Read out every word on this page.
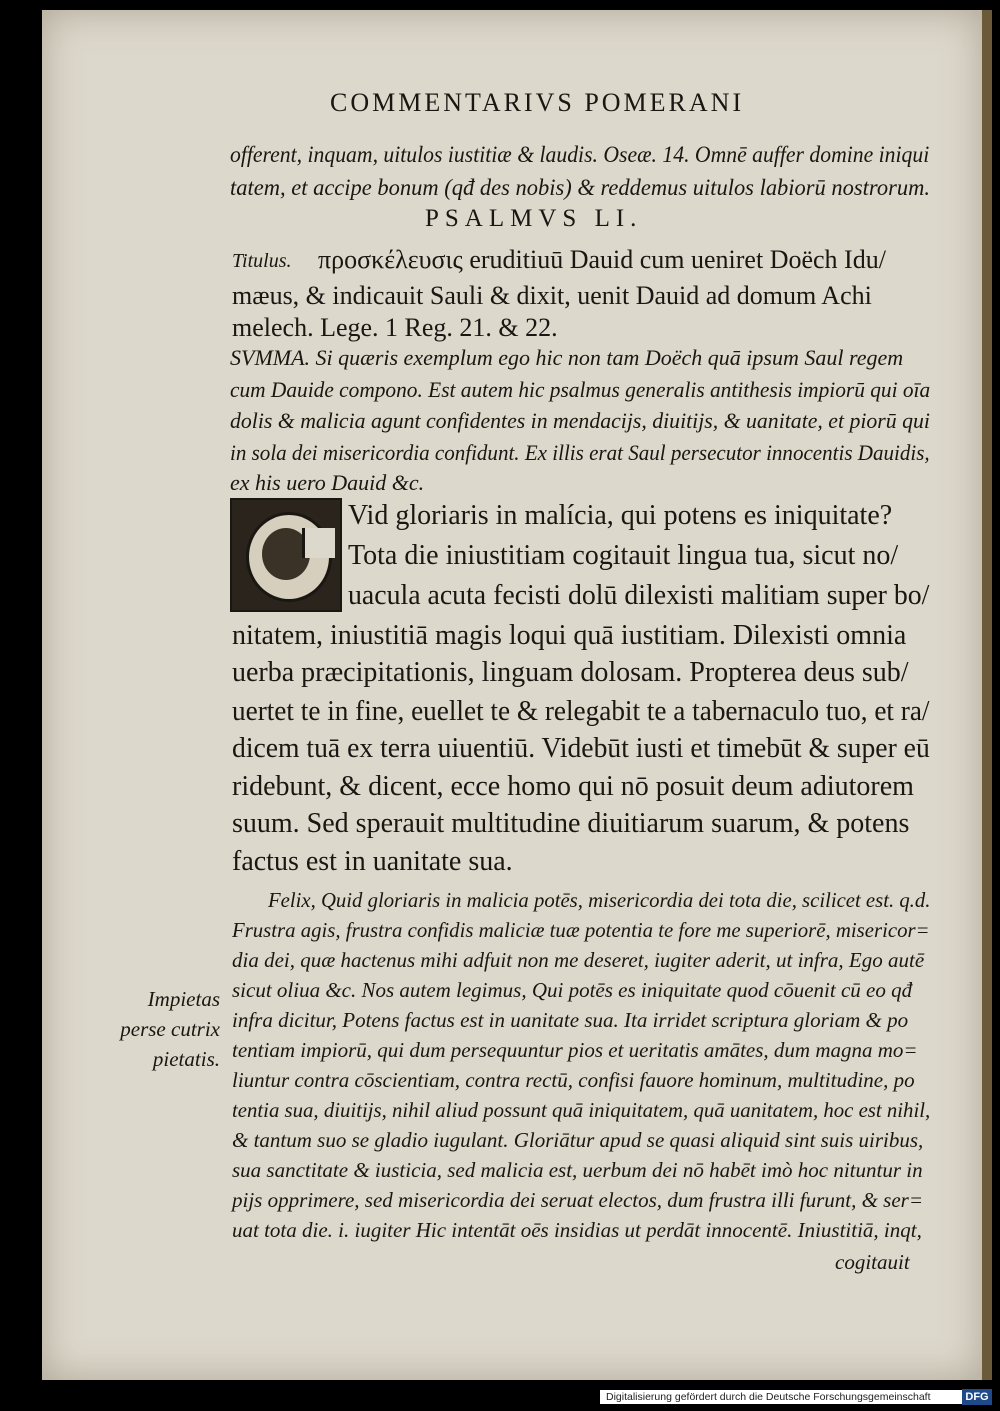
COMMENTARIVS POMERANI
offerent, inquam, uitulos iustitiæ & laudis. Oseæ. 14. Omnē auffer domine iniqui
tatem, et accipe bonum (qđ des nobis) & reddemus uitulos labiorū nostrorum.
PSALMVS LI.
Titulus. προσκέλευσις eruditiuū Dauid cum ueniret Doëch Idu/
mæus, & indicauit Sauli & dixit, uenit Dauid ad domum Achi
melech. Lege. 1 Reg. 21. & 22.
SVMMA. Si quæris exemplum ego hic non tam Doëch quā ipsum Saul regem
cum Dauide compono. Est autem hic psalmus generalis antithesis impiorū qui oīa
dolis & malicia agunt confidentes in mendacijs, diuitijs, & uanitate, et piorū qui
in sola dei misericordia confidunt. Ex illis erat Saul persecutor innocentis Dauidis,
ex his uero Dauid &c.
Vid gloriaris in malícia, qui potens es iniquitate?
Tota die iniustitiam cogitauit lingua tua, sicut no/
uacula acuta fecisti dolū dilexisti malitiam super bo/
nitatem, iniustitiā magis loqui quā iustitiam. Dilexisti omnia
uerba præcipitationis, linguam dolosam. Propterea deus sub/
uertet te in fine, euellet te & relegabit te a tabernaculo tuo, et ra/
dicem tuā ex terra uiuentiū. Videbūt iusti et timebūt & super eū
ridebunt, & dicent, ecce homo qui nō posuit deum adiutorem
suum. Sed sperauit multitudine diuitiarum suarum, & potens
factus est in uanitate sua.
Felix, Quid gloriaris in malicia potēs, misericordia dei tota die, scilicet est. q.d.
Frustra agis, frustra confidis maliciæ tuæ potentia te fore me superiorē, misericor=
dia dei, quæ hactenus mihi adfuit non me deseret, iugiter aderit, ut infra, Ego autē
sicut oliua &c. Nos autem legimus, Qui potēs es iniquitate quod cōuenit cū eo qđ
infra dicitur, Potens factus est in uanitate sua. Ita irridet scriptura gloriam & po
tentiam impiorū, qui dum persequuntur pios et ueritatis amātes, dum magna mo=
liuntur contra cōscientiam, contra rectū, confisi fauore hominum, multitudine, po
tentia sua, diuitijs, nihil aliud possunt quā iniquitatem, quā uanitatem, hoc est nihil,
& tantum suo se gladio iugulant. Gloriātur apud se quasi aliquid sint suis uiribus,
sua sanctitate & iusticia, sed malicia est, uerbum dei nō habēt imò hoc nituntur in
pijs opprimere, sed misericordia dei seruat electos, dum frustra illi furunt, & ser=
uat tota die. i. iugiter Hic intentāt oēs insidias ut perdāt innocentē. Iniustitiā, inqt,
cogitauit
Impietas perse cutrix pietatis.
Digitalisierung gefördert durch die Deutsche Forschungsgemeinschaft	DFG
